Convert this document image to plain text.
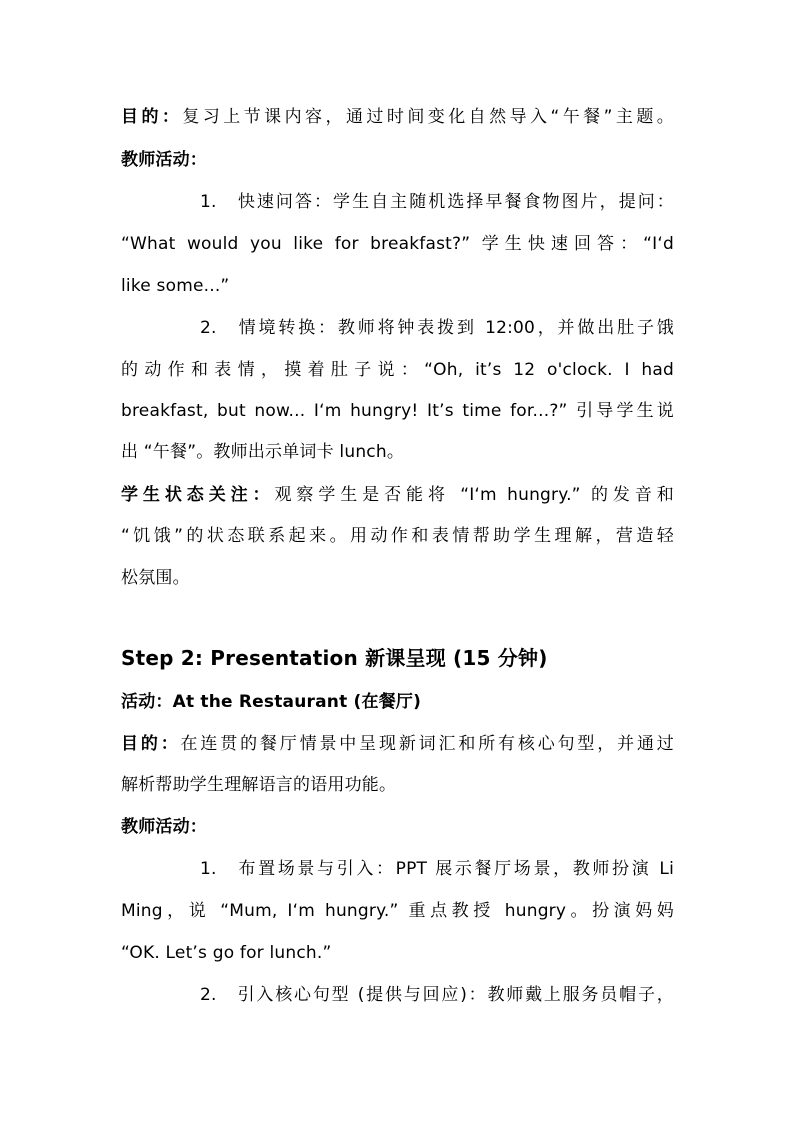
目的：复习上节课内容，通过时间变化自然导入“午餐”主题。
教师活动：
1. 快速问答：学生自主随机选择早餐食物图片，提问：
“What would you like for breakfast?” 学生快速回答：“I‘d
like some...”
2. 情境转换：教师将钟表拨到 12:00，并做出肚子饿
的动作和表情，摸着肚子说：“Oh, it’s 12 o'clock. I had
breakfast, but now... I‘m hungry! It’s time for...?” 引导学生说
出 “午餐”。教师出示单词卡 lunch。
学生状态关注：观察学生是否能将 “I‘m hungry.” 的发音和
“饥饿”的状态联系起来。用动作和表情帮助学生理解，营造轻
松氛围。
Step 2: Presentation 新课呈现 (15 分钟)
活动：At the Restaurant (在餐厅)
目的：在连贯的餐厅情景中呈现新词汇和所有核心句型，并通过
解析帮助学生理解语言的语用功能。
教师活动：
1. 布置场景与引入：PPT 展示餐厅场景，教师扮演 Li
Ming，说 “Mum, I‘m hungry.” 重点教授 hungry。扮演妈妈
“OK. Let’s go for lunch.”
2. 引入核心句型 (提供与回应)：教师戴上服务员帽子，
